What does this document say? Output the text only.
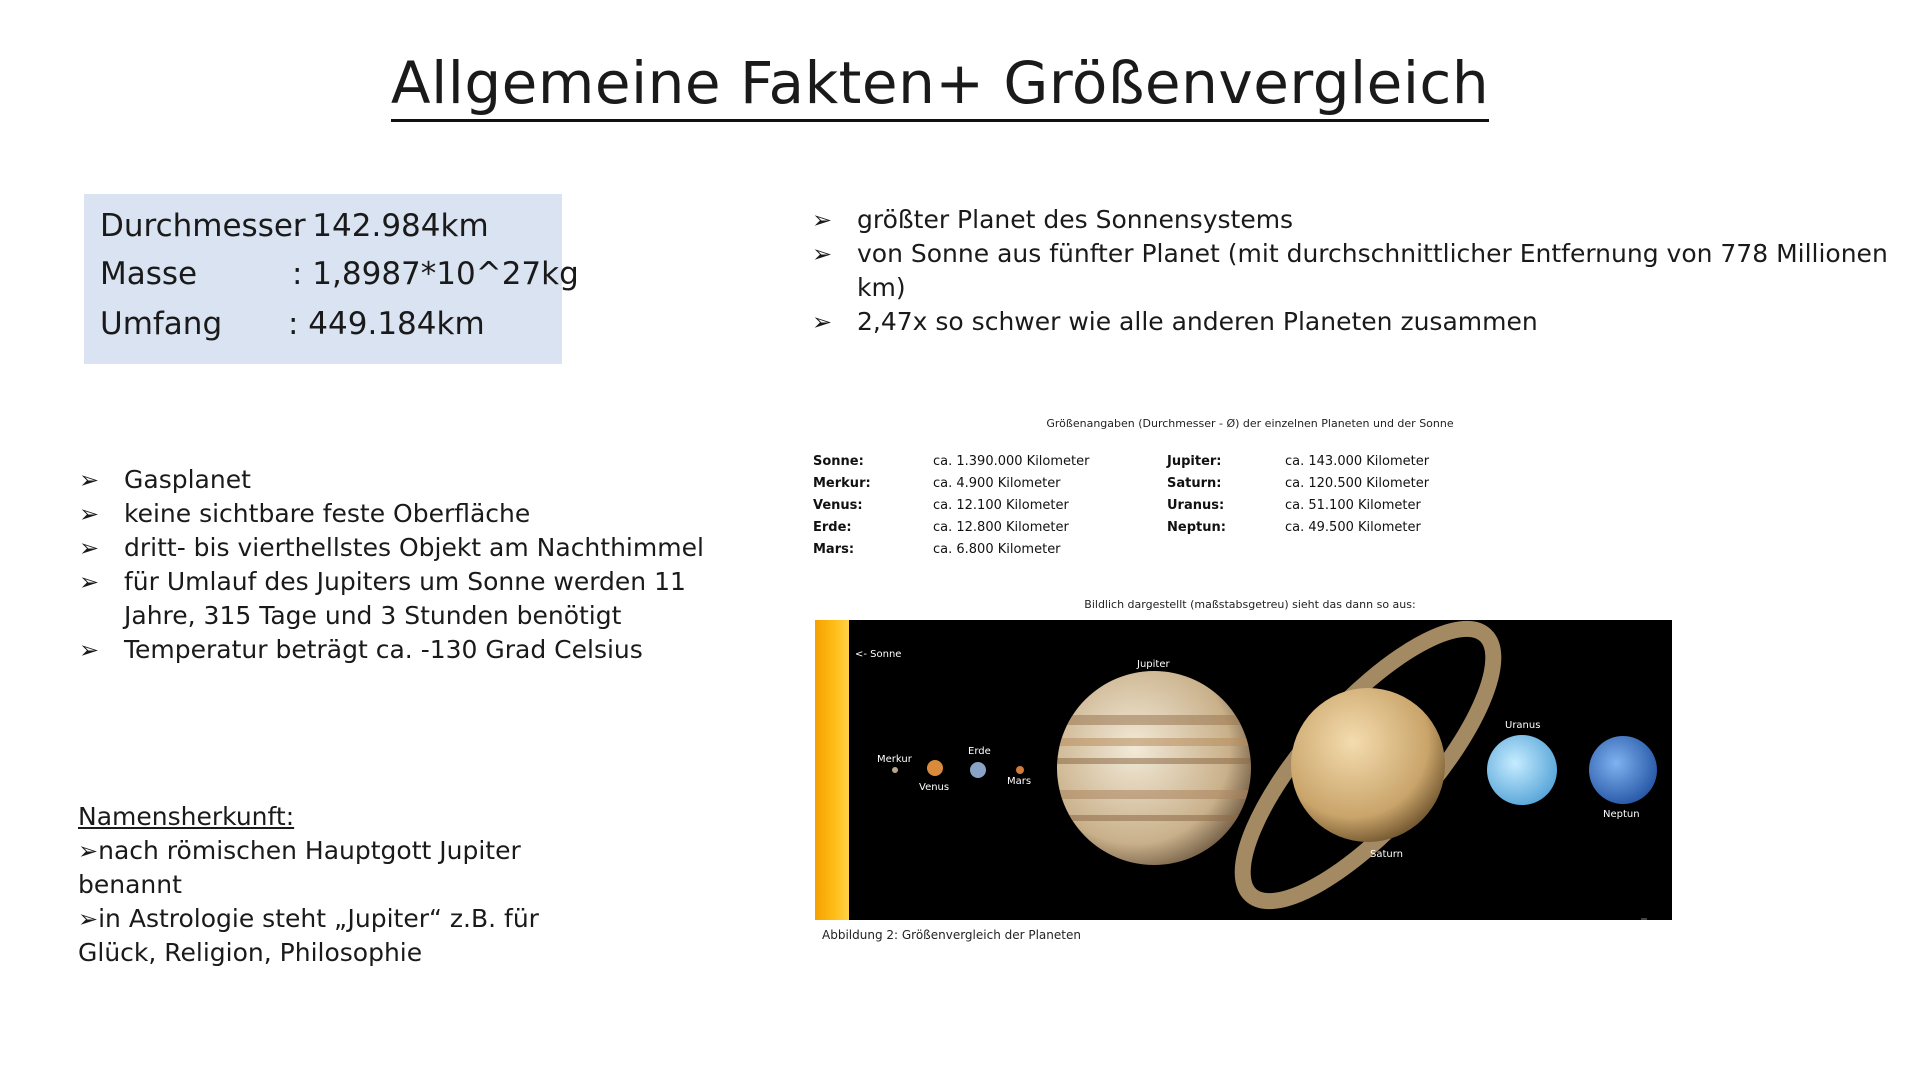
Allgemeine Fakten+ Größenvergleich
Durchmesser
: 142.984km
Masse	: 1,8987*10^27kg
Umfang : 449.184km
➢ größter Planet des Sonnensystems
➢ von Sonne aus fünfter Planet (mit durchschnittlicher Entfernung von 778 Millionen km)
➢ 2,47x so schwer wie alle anderen Planeten zusammen
➢ Gasplanet
➢ keine sichtbare feste Oberfläche
➢ dritt- bis vierthellstes Objekt am Nachthimmel
➢ für Umlauf des Jupiters um Sonne werden 11 Jahre, 315 Tage und 3 Stunden benötigt
➢ Temperatur beträgt ca. -130 Grad Celsius
Namensherkunft:
➢nach römischen Hauptgott Jupiter benannt
➢in Astrologie steht „Jupiter“ z.B. für Glück, Religion, Philosophie
Größenangaben (Durchmesser - Ø) der einzelnen Planeten und der Sonne
Sonne:	ca. 1.390.000 Kilometer
Merkur:	ca. 4.900 Kilometer
Venus:	ca. 12.100 Kilometer
Erde:	ca. 12.800 Kilometer
Mars:	ca. 6.800 Kilometer
Jupiter:	ca. 143.000 Kilometer
Saturn:	ca. 120.500 Kilometer
Uranus:	ca. 51.100 Kilometer
Neptun:	ca. 49.500 Kilometer
Bildlich dargestellt (maßstabsgetreu) sieht das dann so aus:
<- Sonne
Merkur
Venus
Erde
Mars
Jupiter
Saturn
Uranus
Neptun
Abbildung 2: Größenvergleich der Planeten
